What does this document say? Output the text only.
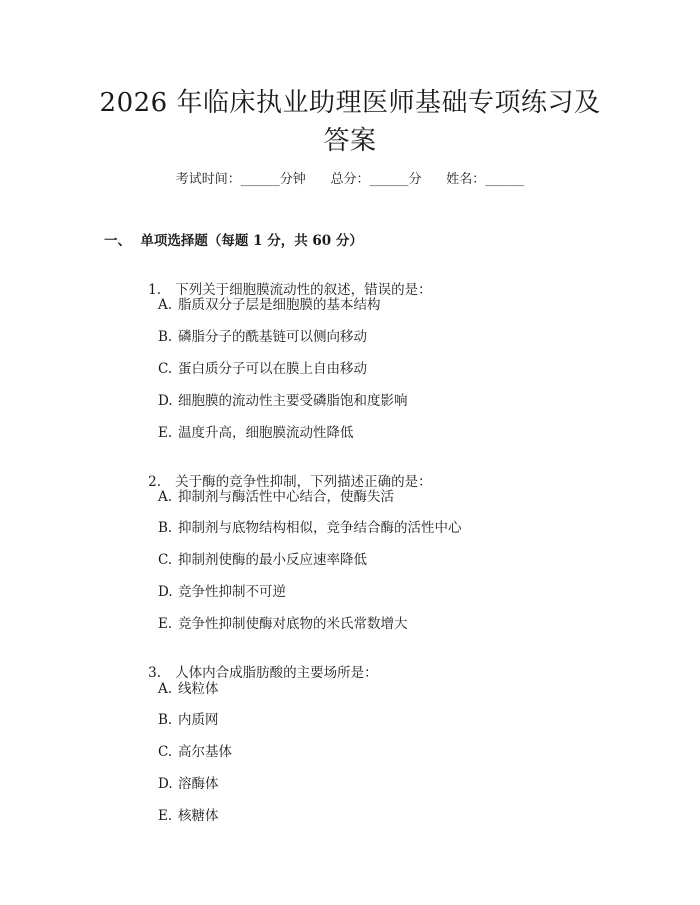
2026 年临床执业助理医师基础专项练习及答案
考试时间：______分钟      总分：______分      姓名：______
一、  单项选择题（每题 1 分，共 60 分）

1. 下列关于细胞膜流动性的叙述，错误的是：

A. 脂质双分子层是细胞膜的基本结构
B. 磷脂分子的酰基链可以侧向移动
C. 蛋白质分子可以在膜上自由移动
D. 细胞膜的流动性主要受磷脂饱和度影响
E. 温度升高，细胞膜流动性降低

2. 关于酶的竞争性抑制，下列描述正确的是：

A. 抑制剂与酶活性中心结合，使酶失活
B. 抑制剂与底物结构相似，竞争结合酶的活性中心
C. 抑制剂使酶的最小反应速率降低
D. 竞争性抑制不可逆
E. 竞争性抑制使酶对底物的米氏常数增大

3. 人体内合成脂肪酸的主要场所是：

A. 线粒体
B. 内质网
C. 高尔基体
D. 溶酶体
E. 核糖体
